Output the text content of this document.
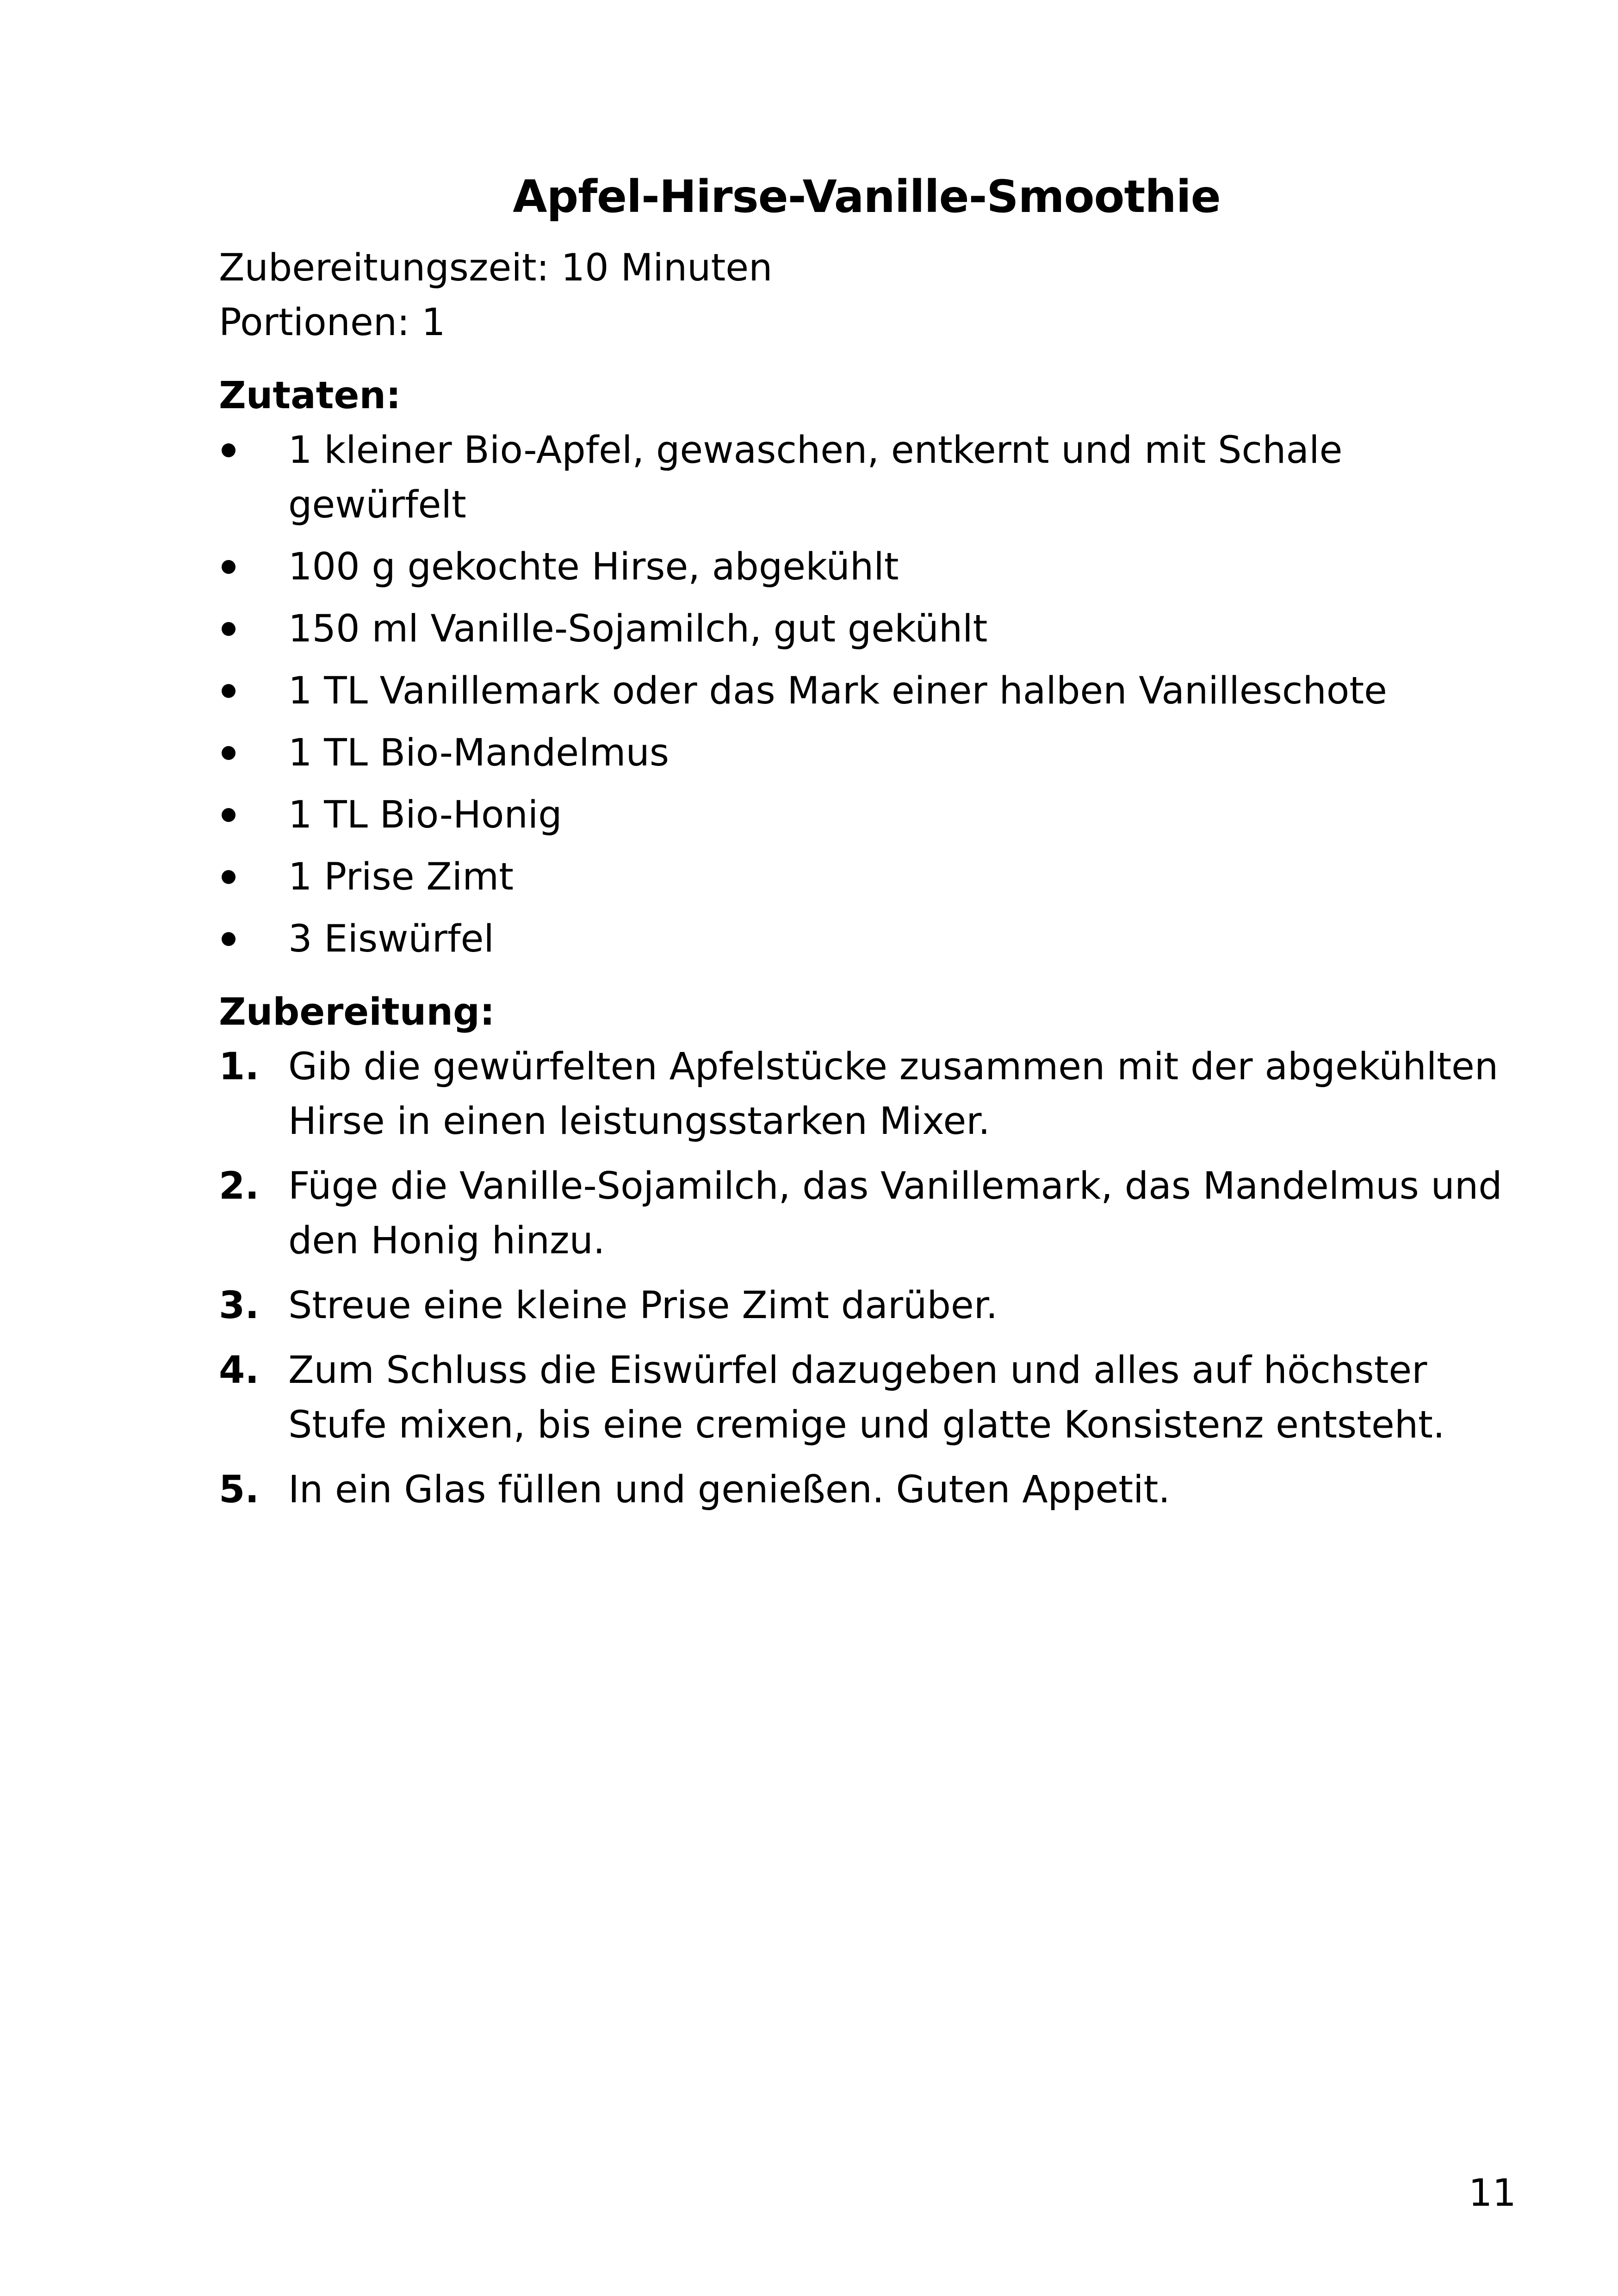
Apfel-Hirse-Vanille-Smoothie

Zubereitungszeit: 10 Minuten

Portionen: 1

Zutaten:

1 kleiner Bio-Apfel, gewaschen, entkernt und mit Schale gewürfelt
100 g gekochte Hirse, abgekühlt
150 ml Vanille-Sojamilch, gut gekühlt
1 TL Vanillemark oder das Mark einer halben Vanilleschote
1 TL Bio-Mandelmus
1 TL Bio-Honig
1 Prise Zimt
3 Eiswürfel

Zubereitung:

1. Gib die gewürfelten Apfelstücke zusammen mit der abgekühlten Hirse in einen leistungsstarken Mixer.
2. Füge die Vanille-Sojamilch, das Vanillemark, das Mandelmus und den Honig hinzu.
3. Streue eine kleine Prise Zimt darüber.
4. Zum Schluss die Eiswürfel dazugeben und alles auf höchster Stufe mixen, bis eine cremige und glatte Konsistenz entsteht.
5. In ein Glas füllen und genießen. Guten Appetit.
11
